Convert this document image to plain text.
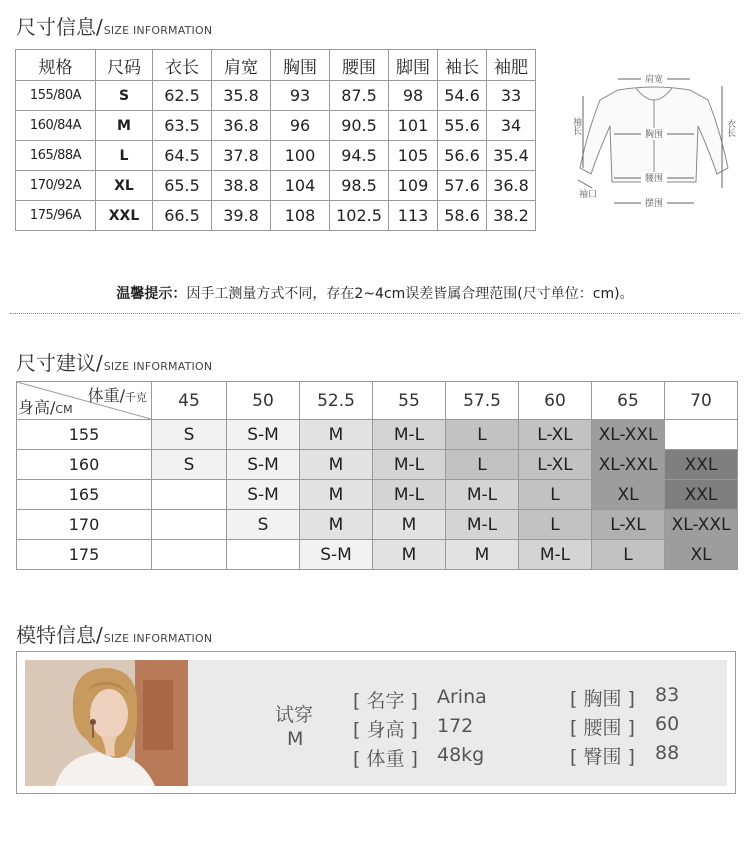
尺寸信息/ SIZE INFORMATION
规格	尺码	衣长	肩宽	胸围	腰围	脚围	袖长	袖肥
155/80A	S	62.5	35.8	93	87.5	98	54.6	33
160/84A	M	63.5	36.8	96	90.5	101	55.6	34
165/88A	L	64.5	37.8	100	94.5	105	56.6	35.4
170/92A	XL	65.5	38.8	104	98.5	109	57.6	36.8
175/96A	XXL	66.5	39.8	108	102.5	113	58.6	38.2
肩宽
胸围
腰围
摆围
袖长	衣长
袖口
温馨提示：因手工测量方式不同，存在2~4cm误差皆属合理范围(尺寸单位：cm)。
尺寸建议/ SIZE INFORMATION
体重/千克
身高/CM	45	50	52.5	55	57.5	60	65	70
155	S	S-M	M	M-L	L	L-XL	XL-XXL	
160	S	S-M	M	M-L	L	L-XL	XL-XXL	XXL
165		S-M	M	M-L	M-L	L	XL	XXL
170		S	M	M	M-L	L	L-XL	XL-XXL
175			S-M	M	M	M-L	L	XL
模特信息/ SIZE INFORMATION
试穿
M
[ 名字 ] Arina
[ 身高 ] 172
[ 体重 ] 48kg
[ 胸围 ] 83
[ 腰围 ] 60
[ 臀围 ] 88
